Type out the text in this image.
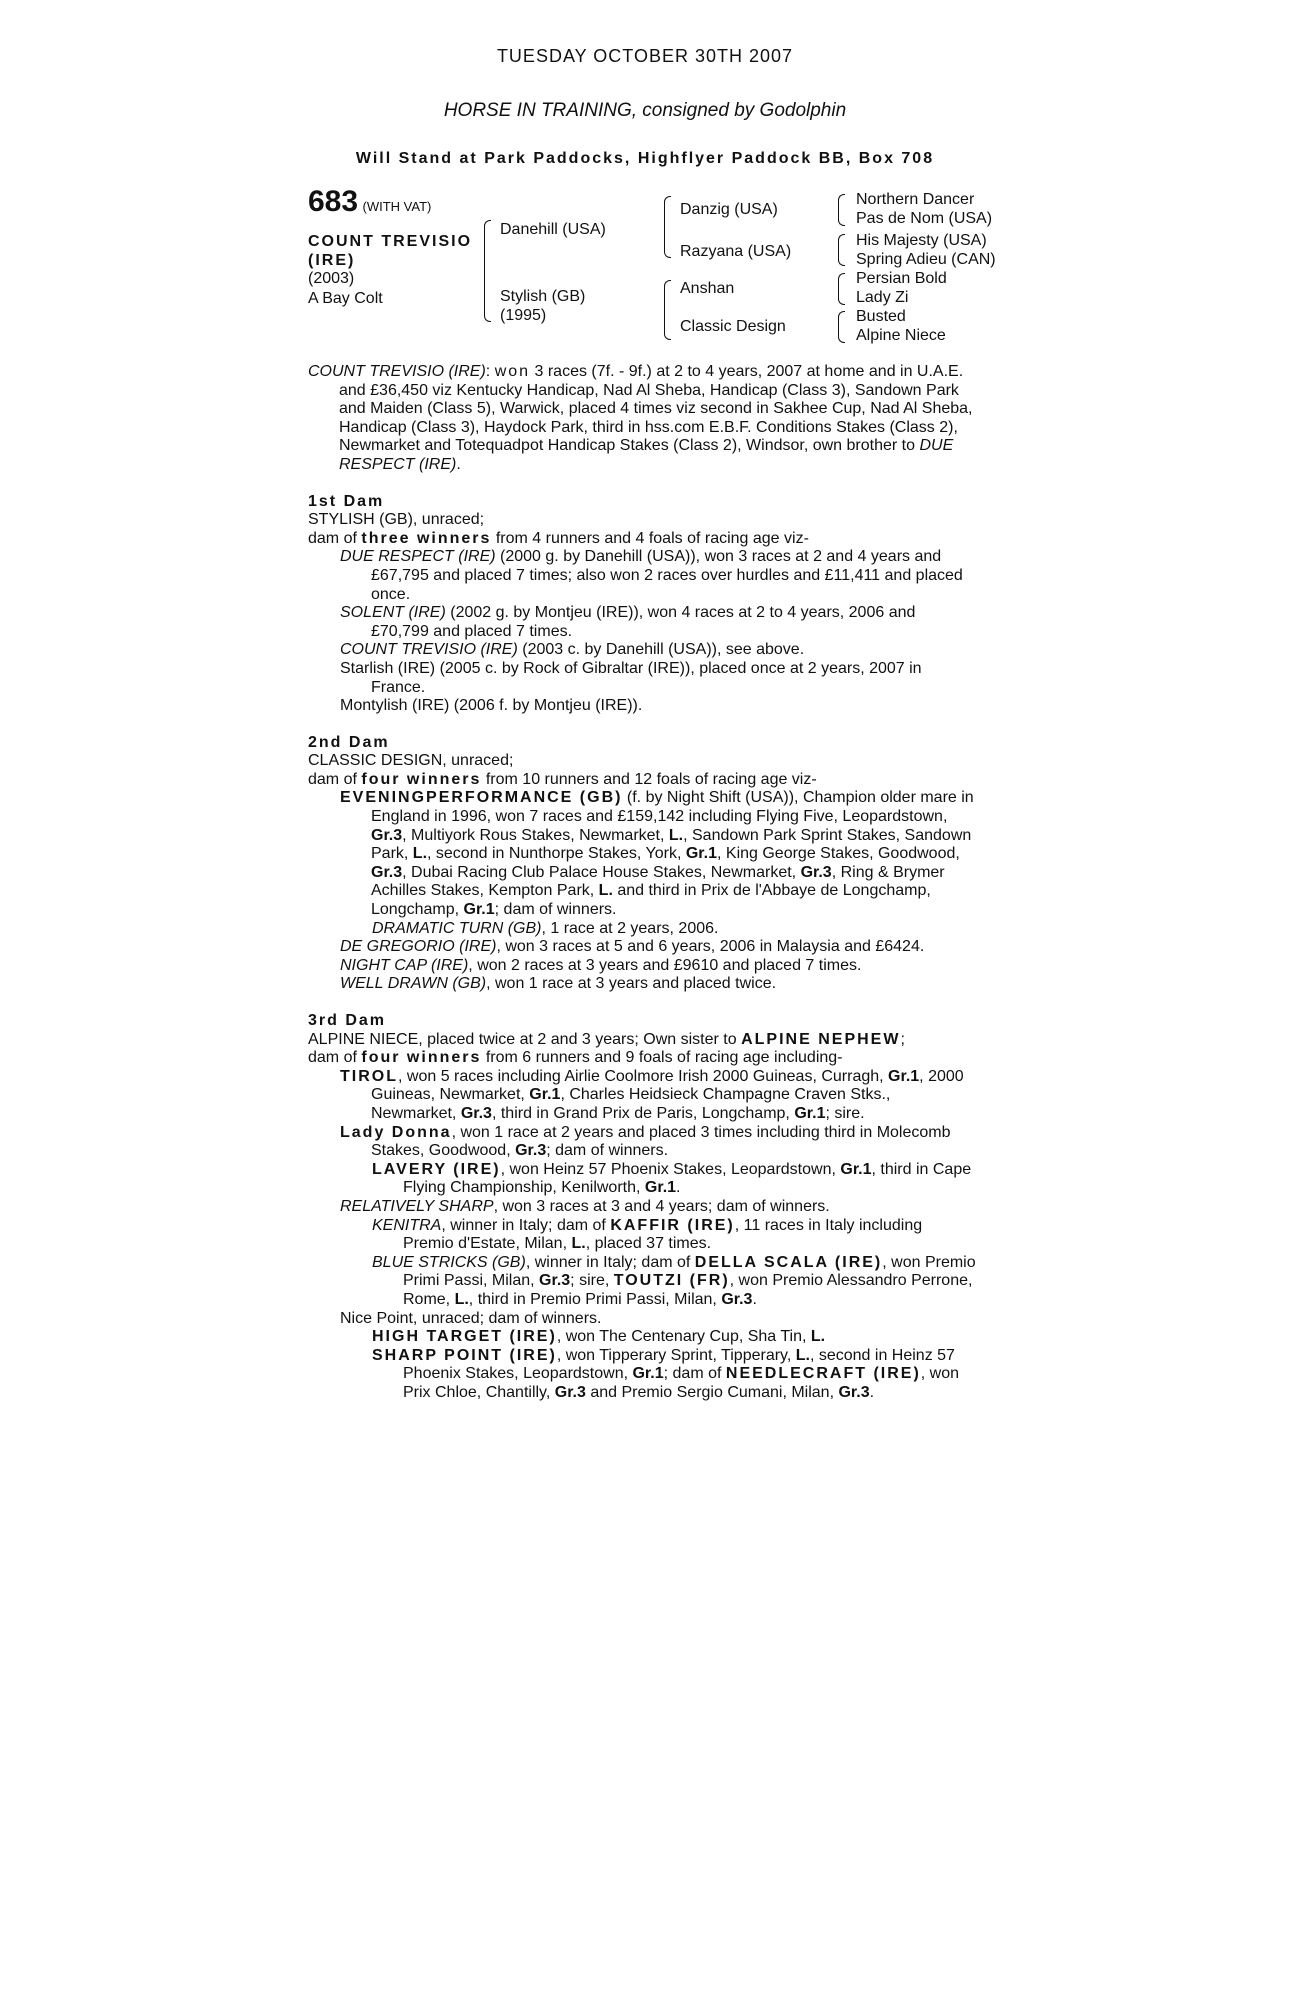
TUESDAY OCTOBER 30TH 2007
HORSE IN TRAINING, consigned by Godolphin
Will Stand at Park Paddocks, Highflyer Paddock BB, Box 708
683 (WITH VAT)
COUNT TREVISIO
(IRE)
(2003)
A Bay Colt
Danehill (USA)
Stylish (GB)
(1995)
Danzig (USA)
Razyana (USA)
Anshan
Classic Design
Northern Dancer
Pas de Nom (USA)
His Majesty (USA)
Spring Adieu (CAN)
Persian Bold
Lady Zi
Busted
Alpine Niece

COUNT TREVISIO (IRE): won 3 races (7f. - 9f.) at 2 to 4 years, 2007 at home and in U.A.E. and £36,450 viz Kentucky Handicap, Nad Al Sheba, Handicap (Class 3), Sandown Park and Maiden (Class 5), Warwick, placed 4 times viz second in Sakhee Cup, Nad Al Sheba, Handicap (Class 3), Haydock Park, third in hss.com E.B.F. Conditions Stakes (Class 2), Newmarket and Totequadpot Handicap Stakes (Class 2), Windsor, own brother to DUE RESPECT (IRE).

1st Dam

STYLISH (GB), unraced;

dam of three winners from 4 runners and 4 foals of racing age viz-

DUE RESPECT (IRE) (2000 g. by Danehill (USA)), won 3 races at 2 and 4 years and £67,795 and placed 7 times; also won 2 races over hurdles and £11,411 and placed once.

SOLENT (IRE) (2002 g. by Montjeu (IRE)), won 4 races at 2 to 4 years, 2006 and £70,799 and placed 7 times.

COUNT TREVISIO (IRE) (2003 c. by Danehill (USA)), see above.

Starlish (IRE) (2005 c. by Rock of Gibraltar (IRE)), placed once at 2 years, 2007 in France.

Montylish (IRE) (2006 f. by Montjeu (IRE)).

2nd Dam

CLASSIC DESIGN, unraced;

dam of four winners from 10 runners and 12 foals of racing age viz-

EVENINGPERFORMANCE (GB) (f. by Night Shift (USA)), Champion older mare in England in 1996, won 7 races and £159,142 including Flying Five, Leopardstown, Gr.3, Multiyork Rous Stakes, Newmarket, L., Sandown Park Sprint Stakes, Sandown Park, L., second in Nunthorpe Stakes, York, Gr.1, King George Stakes, Goodwood, Gr.3, Dubai Racing Club Palace House Stakes, Newmarket, Gr.3, Ring & Brymer Achilles Stakes, Kempton Park, L. and third in Prix de l'Abbaye de Longchamp, Longchamp, Gr.1; dam of winners.

DRAMATIC TURN (GB), 1 race at 2 years, 2006.

DE GREGORIO (IRE), won 3 races at 5 and 6 years, 2006 in Malaysia and £6424.

NIGHT CAP (IRE), won 2 races at 3 years and £9610 and placed 7 times.

WELL DRAWN (GB), won 1 race at 3 years and placed twice.

3rd Dam

ALPINE NIECE, placed twice at 2 and 3 years; Own sister to ALPINE NEPHEW;

dam of four winners from 6 runners and 9 foals of racing age including-

TIROL, won 5 races including Airlie Coolmore Irish 2000 Guineas, Curragh, Gr.1, 2000 Guineas, Newmarket, Gr.1, Charles Heidsieck Champagne Craven Stks., Newmarket, Gr.3, third in Grand Prix de Paris, Longchamp, Gr.1; sire.

Lady Donna, won 1 race at 2 years and placed 3 times including third in Molecomb Stakes, Goodwood, Gr.3; dam of winners.

LAVERY (IRE), won Heinz 57 Phoenix Stakes, Leopardstown, Gr.1, third in Cape Flying Championship, Kenilworth, Gr.1.

RELATIVELY SHARP, won 3 races at 3 and 4 years; dam of winners.

KENITRA, winner in Italy; dam of KAFFIR (IRE), 11 races in Italy including Premio d'Estate, Milan, L., placed 37 times.

BLUE STRICKS (GB), winner in Italy; dam of DELLA SCALA (IRE), won Premio Primi Passi, Milan, Gr.3; sire, TOUTZI (FR), won Premio Alessandro Perrone, Rome, L., third in Premio Primi Passi, Milan, Gr.3.

Nice Point, unraced; dam of winners.

HIGH TARGET (IRE), won The Centenary Cup, Sha Tin, L.

SHARP POINT (IRE), won Tipperary Sprint, Tipperary, L., second in Heinz 57 Phoenix Stakes, Leopardstown, Gr.1; dam of NEEDLECRAFT (IRE), won Prix Chloe, Chantilly, Gr.3 and Premio Sergio Cumani, Milan, Gr.3.
